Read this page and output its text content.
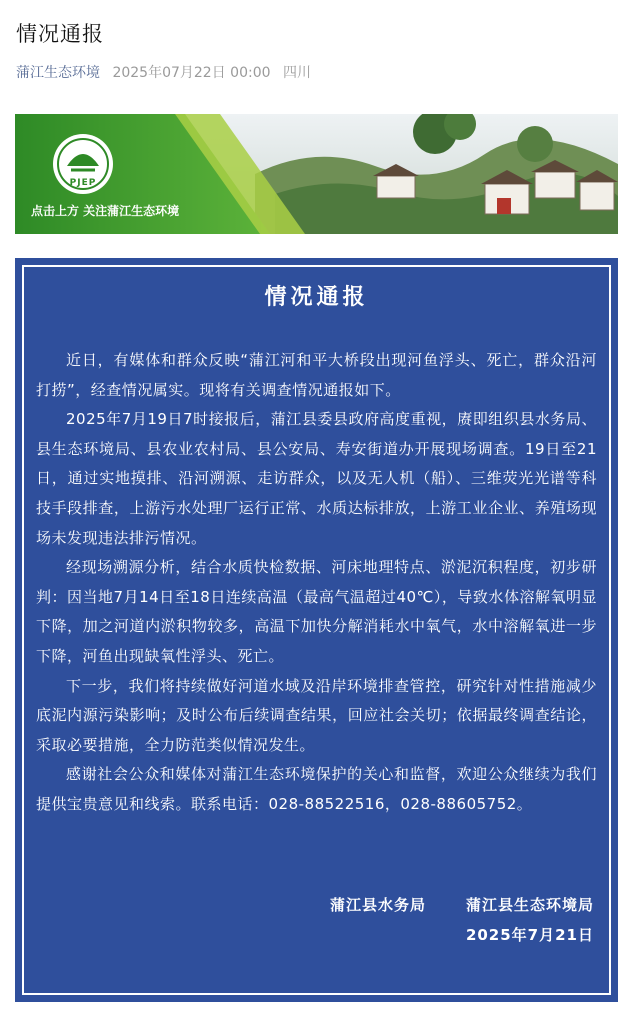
情况通报
蒲江生态环境 2025年07月22日 00:00 四川
PJEP
点击上方 关注蒲江生态环境
情况通报

近日，有媒体和群众反映“蒲江河和平大桥段出现河鱼浮头、死亡，群众沿河打捞”，经查情况属实。现将有关调查情况通报如下。

2025年7月19日7时接报后，蒲江县委县政府高度重视，赓即组织县水务局、县生态环境局、县农业农村局、县公安局、寿安街道办开展现场调查。19日至21日，通过实地摸排、沿河溯源、走访群众，以及无人机（船）、三维荧光光谱等科技手段排查，上游污水处理厂运行正常、水质达标排放，上游工业企业、养殖场现场未发现违法排污情况。

经现场溯源分析，结合水质快检数据、河床地理特点、淤泥沉积程度，初步研判：因当地7月14日至18日连续高温（最高气温超过40℃），导致水体溶解氧明显下降，加之河道内淤积物较多，高温下加快分解消耗水中氧气，水中溶解氧进一步下降，河鱼出现缺氧性浮头、死亡。

下一步，我们将持续做好河道水域及沿岸环境排查管控，研究针对性措施减少底泥内源污染影响；及时公布后续调查结果，回应社会关切；依据最终调查结论，采取必要措施，全力防范类似情况发生。

感谢社会公众和媒体对蒲江生态环境保护的关心和监督，欢迎公众继续为我们提供宝贵意见和线索。联系电话：028-88522516，028-88605752。

蒲江县水务局	蒲江县生态环境局
2025年7月21日
